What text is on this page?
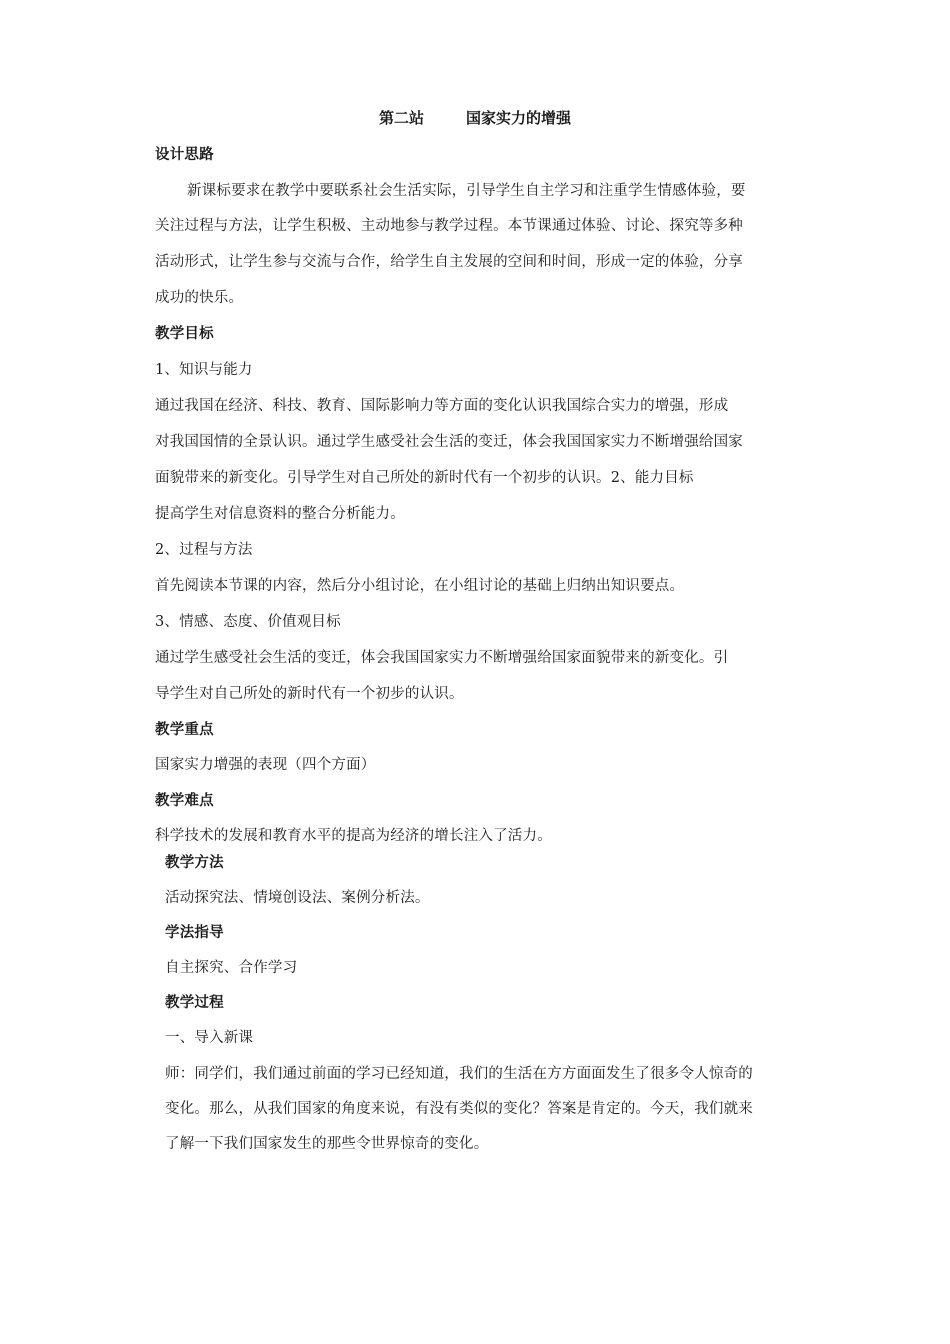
第二站	国家实力的增强

设计思路

新课标要求在教学中要联系社会生活实际，引导学生自主学习和注重学生情感体验，要

关注过程与方法，让学生积极、主动地参与教学过程。本节课通过体验、讨论、探究等多种

活动形式，让学生参与交流与合作，给学生自主发展的空间和时间，形成一定的体验，分享

成功的快乐。

教学目标

1、知识与能力

通过我国在经济、科技、教育、国际影响力等方面的变化认识我国综合实力的增强，形成

对我国国情的全景认识。通过学生感受社会生活的变迁，体会我国国家实力不断增强给国家

面貌带来的新变化。引导学生对自己所处的新时代有一个初步的认识。2、能力目标

提高学生对信息资料的整合分析能力。

2、过程与方法

首先阅读本节课的内容，然后分小组讨论，在小组讨论的基础上归纳出知识要点。

3、情感、态度、价值观目标

通过学生感受社会生活的变迁，体会我国国家实力不断增强给国家面貌带来的新变化。引

导学生对自己所处的新时代有一个初步的认识。

教学重点

国家实力增强的表现（四个方面）

教学难点

科学技术的发展和教育水平的提高为经济的增长注入了活力。

教学方法

活动探究法、情境创设法、案例分析法。

学法指导

自主探究、合作学习

教学过程

一、导入新课

师：同学们，我们通过前面的学习已经知道，我们的生活在方方面面发生了很多令人惊奇的

变化。那么，从我们国家的角度来说，有没有类似的变化？答案是肯定的。今天，我们就来

了解一下我们国家发生的那些令世界惊奇的变化。
